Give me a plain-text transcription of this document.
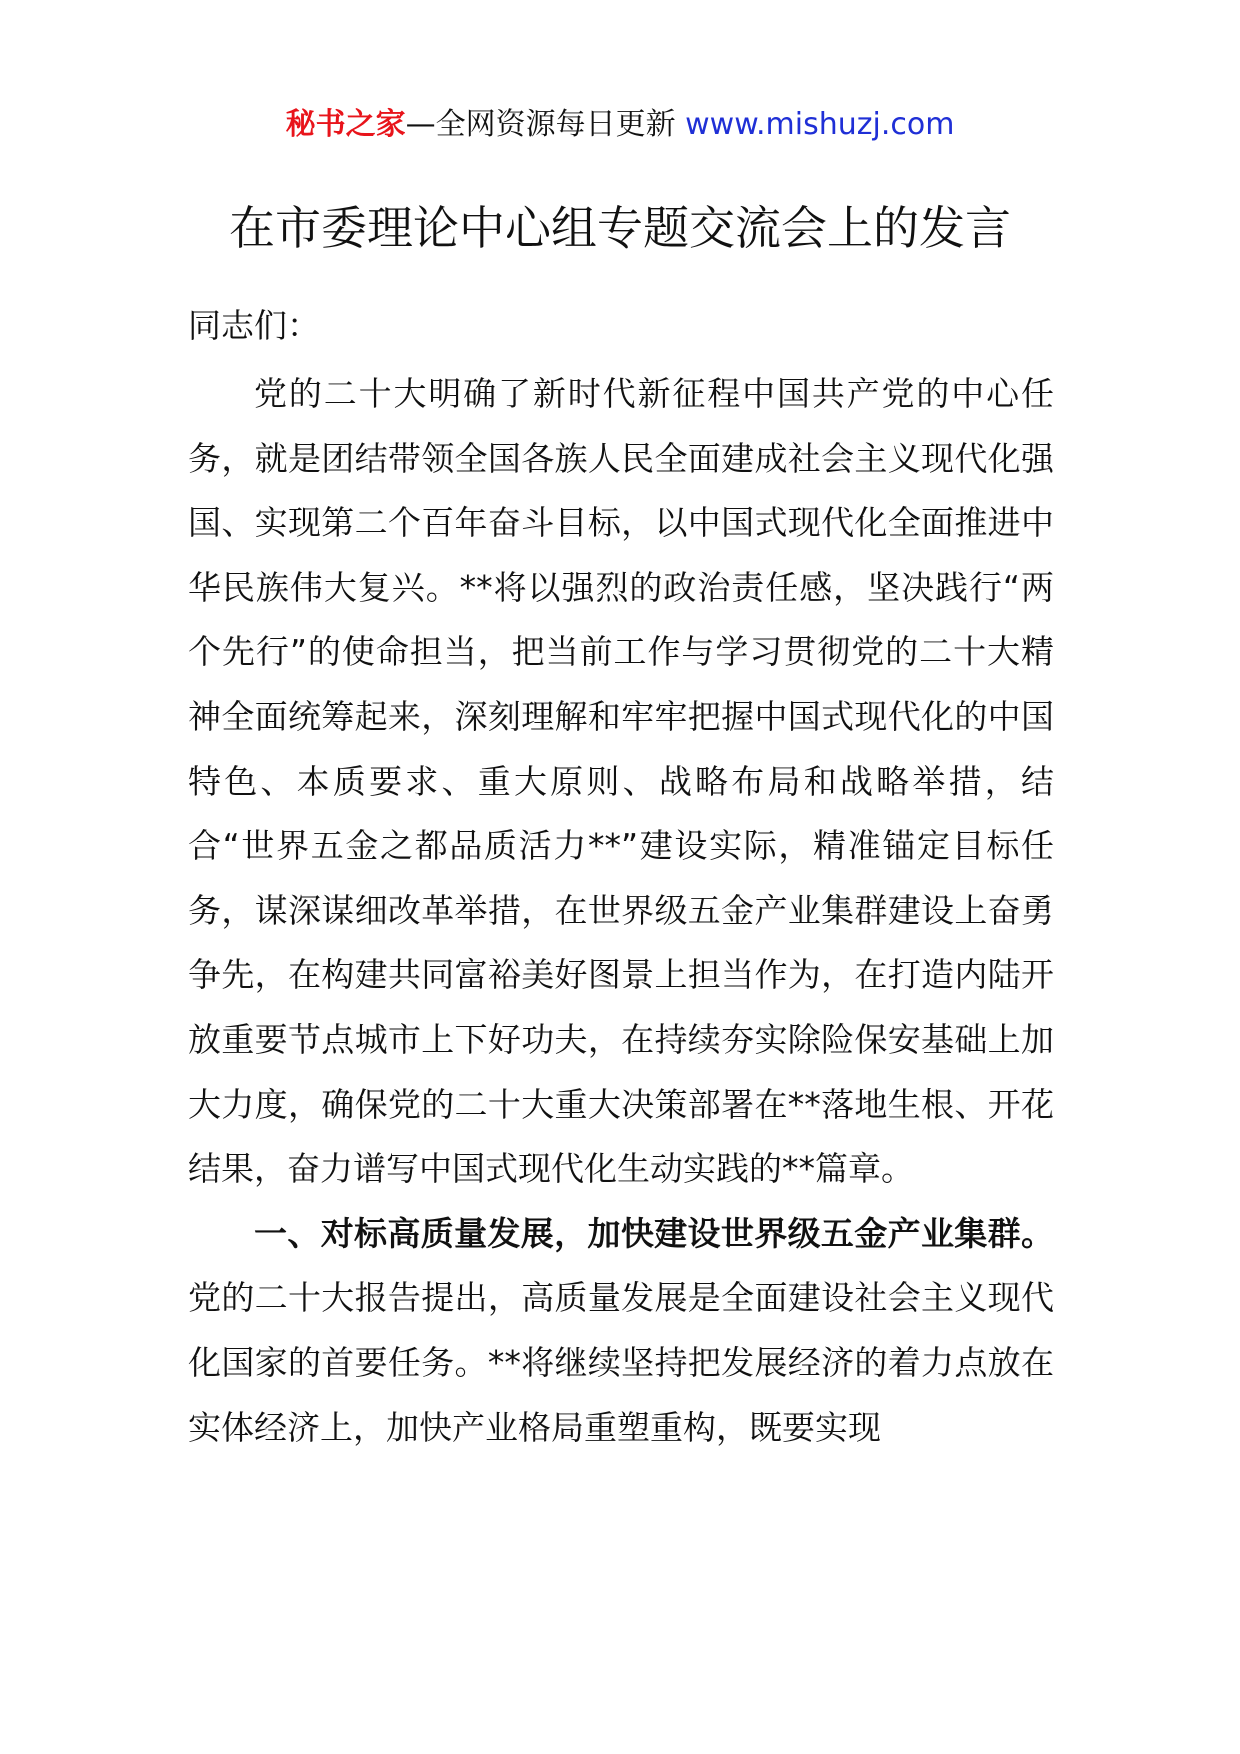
秘书之家—全网资源每日更新 www.mishuzj.com
在市委理论中心组专题交流会上的发言
同志们：

党的二十大明确了新时代新征程中国共产党的中心任务，就是团结带领全国各族人民全面建成社会主义现代化强国、实现第二个百年奋斗目标，以中国式现代化全面推进中华民族伟大复兴。**将以强烈的政治责任感，坚决践行“两个先行”的使命担当，把当前工作与学习贯彻党的二十大精神全面统筹起来，深刻理解和牢牢把握中国式现代化的中国特色、本质要求、重大原则、战略布局和战略举措，结合“世界五金之都品质活力**”建设实际，精准锚定目标任务，谋深谋细改革举措，在世界级五金产业集群建设上奋勇争先，在构建共同富裕美好图景上担当作为，在打造内陆开放重要节点城市上下好功夫，在持续夯实除险保安基础上加大力度，确保党的二十大重大决策部署在**落地生根、开花结果，奋力谱写中国式现代化生动实践的**篇章。

一、对标高质量发展，加快建设世界级五金产业集群。党的二十大报告提出，高质量发展是全面建设社会主义现代化国家的首要任务。**将继续坚持把发展经济的着力点放在实体经济上，加快产业格局重塑重构，既要实现
